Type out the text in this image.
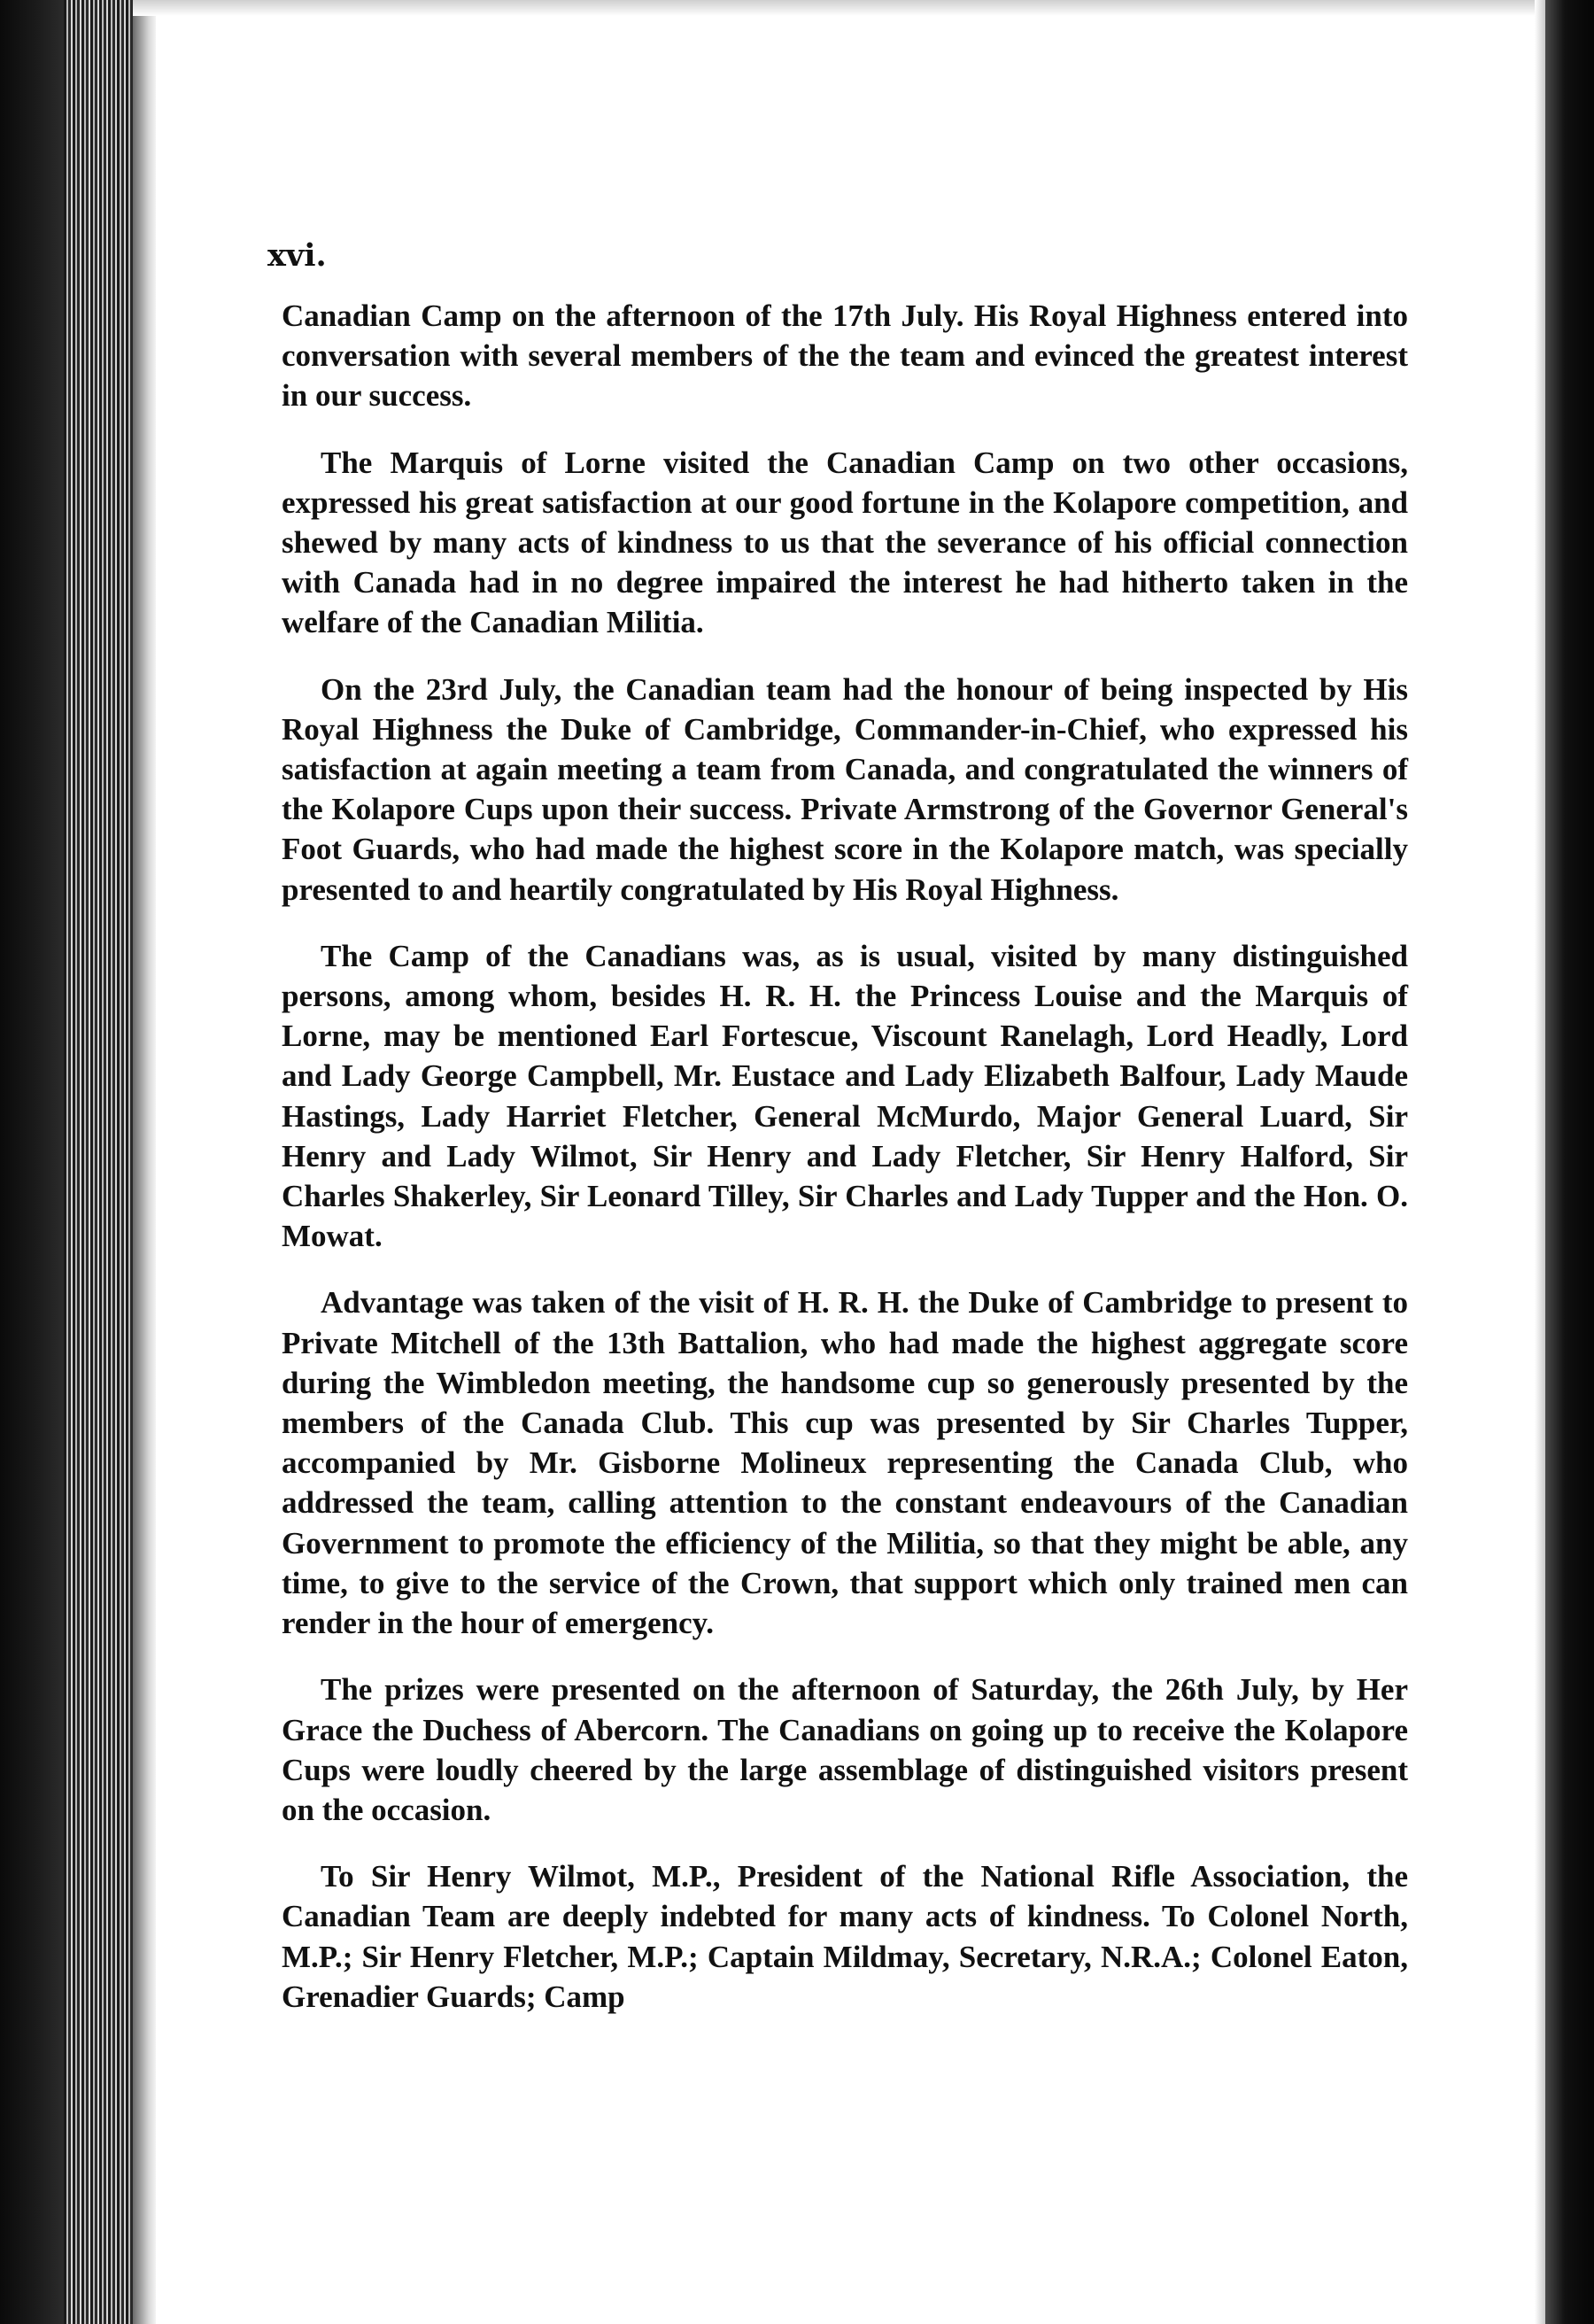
xvi.

Canadian Camp on the afternoon of the 17th July. His Royal Highness entered into conversation with several members of the the team and evinced the greatest interest in our success.

The Marquis of Lorne visited the Canadian Camp on two other occasions, expressed his great satisfaction at our good fortune in the Kolapore competition, and shewed by many acts of kindness to us that the severance of his official connection with Canada had in no degree impaired the interest he had hitherto taken in the welfare of the Canadian Militia.

On the 23rd July, the Canadian team had the honour of being inspected by His Royal Highness the Duke of Cambridge, Commander-in-Chief, who expressed his satisfaction at again meeting a team from Canada, and congratulated the winners of the Kolapore Cups upon their success. Private Armstrong of the Governor General's Foot Guards, who had made the highest score in the Kolapore match, was specially presented to and heartily congratulated by His Royal Highness.

The Camp of the Canadians was, as is usual, visited by many distinguished persons, among whom, besides H. R. H. the Princess Louise and the Marquis of Lorne, may be mentioned Earl Fortescue, Viscount Ranelagh, Lord Headly, Lord and Lady George Campbell, Mr. Eustace and Lady Elizabeth Balfour, Lady Maude Hastings, Lady Harriet Fletcher, General McMurdo, Major General Luard, Sir Henry and Lady Wilmot, Sir Henry and Lady Fletcher, Sir Henry Halford, Sir Charles Shakerley, Sir Leonard Tilley, Sir Charles and Lady Tupper and the Hon. O. Mowat.

Advantage was taken of the visit of H. R. H. the Duke of Cambridge to present to Private Mitchell of the 13th Battalion, who had made the highest aggregate score during the Wimbledon meeting, the handsome cup so generously presented by the members of the Canada Club. This cup was presented by Sir Charles Tupper, accompanied by Mr. Gisborne Molineux representing the Canada Club, who addressed the team, calling attention to the constant endeavours of the Canadian Government to promote the efficiency of the Militia, so that they might be able, any time, to give to the service of the Crown, that support which only trained men can render in the hour of emergency.

The prizes were presented on the afternoon of Saturday, the 26th July, by Her Grace the Duchess of Abercorn. The Canadians on going up to receive the Kolapore Cups were loudly cheered by the large assemblage of distinguished visitors present on the occasion.

To Sir Henry Wilmot, M.P., President of the National Rifle Association, the Canadian Team are deeply indebted for many acts of kindness. To Colonel North, M.P.; Sir Henry Fletcher, M.P.; Captain Mildmay, Secretary, N.R.A.; Colonel Eaton, Grenadier Guards; Camp
